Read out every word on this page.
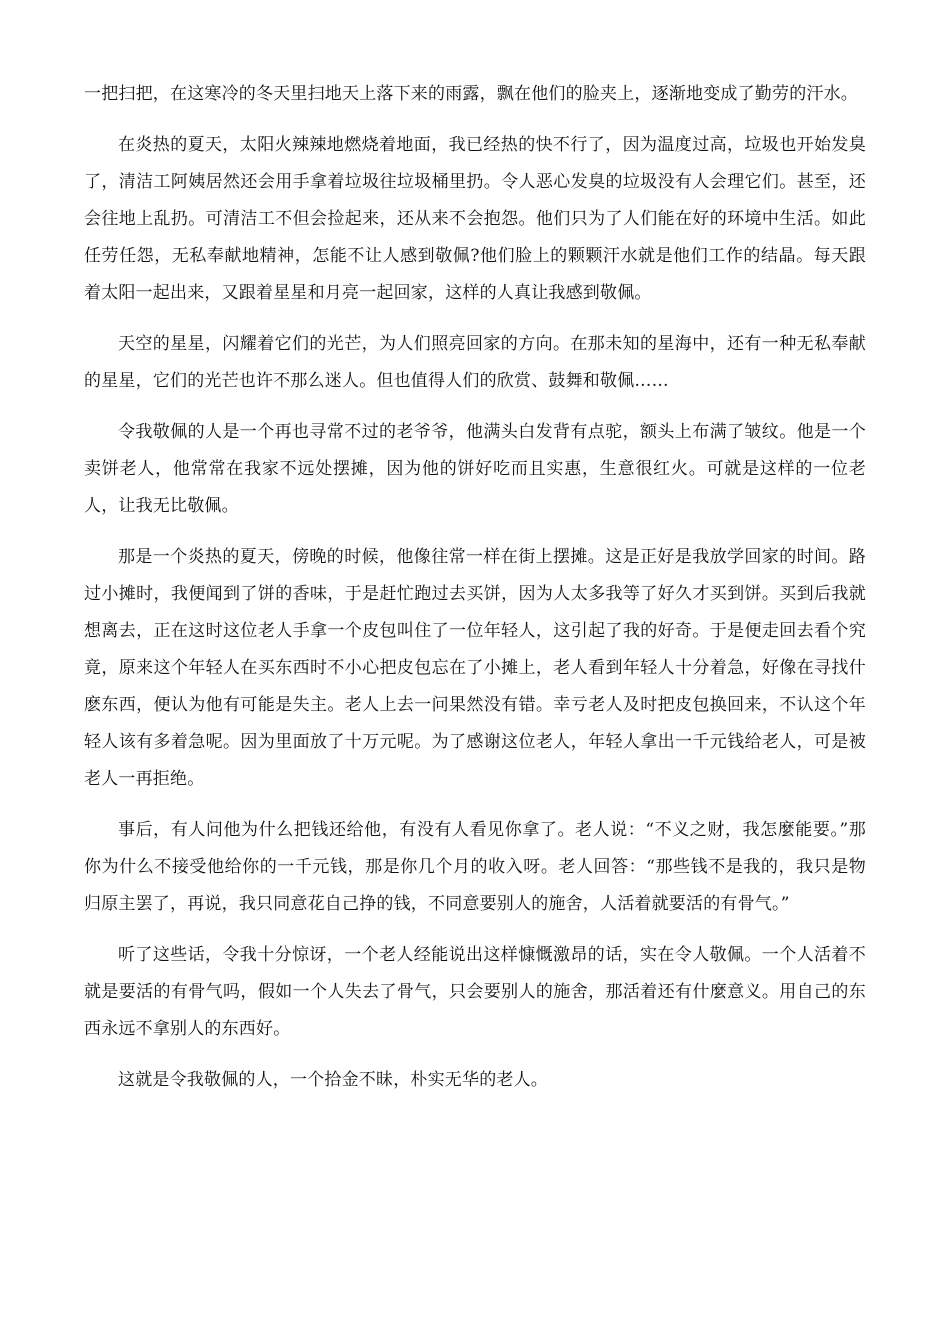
一把扫把，在这寒冷的冬天里扫地天上落下来的雨露，飘在他们的脸夹上，逐渐地变成了勤劳的汗水。

在炎热的夏天，太阳火辣辣地燃烧着地面，我已经热的快不行了，因为温度过高，垃圾也开始发臭了，清洁工阿姨居然还会用手拿着垃圾往垃圾桶里扔。令人恶心发臭的垃圾没有人会理它们。甚至，还会往地上乱扔。可清洁工不但会捡起来，还从来不会抱怨。他们只为了人们能在好的环境中生活。如此任劳任怨，无私奉献地精神，怎能不让人感到敬佩?他们脸上的颗颗汗水就是他们工作的结晶。每天跟着太阳一起出来，又跟着星星和月亮一起回家，这样的人真让我感到敬佩。

天空的星星，闪耀着它们的光芒，为人们照亮回家的方向。在那未知的星海中，还有一种无私奉献的星星，它们的光芒也许不那么迷人。但也值得人们的欣赏、鼓舞和敬佩……

令我敬佩的人是一个再也寻常不过的老爷爷，他满头白发背有点驼，额头上布满了皱纹。他是一个卖饼老人，他常常在我家不远处摆摊，因为他的饼好吃而且实惠，生意很红火。可就是这样的一位老人，让我无比敬佩。

那是一个炎热的夏天，傍晚的时候，他像往常一样在街上摆摊。这是正好是我放学回家的时间。路过小摊时，我便闻到了饼的香味，于是赶忙跑过去买饼，因为人太多我等了好久才买到饼。买到后我就想离去，正在这时这位老人手拿一个皮包叫住了一位年轻人，这引起了我的好奇。于是便走回去看个究竟，原来这个年轻人在买东西时不小心把皮包忘在了小摊上，老人看到年轻人十分着急，好像在寻找什麽东西，便认为他有可能是失主。老人上去一问果然没有错。幸亏老人及时把皮包换回来，不认这个年轻人该有多着急呢。因为里面放了十万元呢。为了感谢这位老人，年轻人拿出一千元钱给老人，可是被老人一再拒绝。

事后，有人问他为什么把钱还给他，有没有人看见你拿了。老人说：“不义之财，我怎麼能要。”那你为什么不接受他给你的一千元钱，那是你几个月的收入呀。老人回答：“那些钱不是我的，我只是物归原主罢了，再说，我只同意花自己挣的钱，不同意要别人的施舍，人活着就要活的有骨气。”

听了这些话，令我十分惊讶，一个老人经能说出这样慷慨激昂的话，实在令人敬佩。一个人活着不就是要活的有骨气吗，假如一个人失去了骨气，只会要别人的施舍，那活着还有什麼意义。用自己的东西永远不拿别人的东西好。

这就是令我敬佩的人，一个拾金不昧，朴实无华的老人。
